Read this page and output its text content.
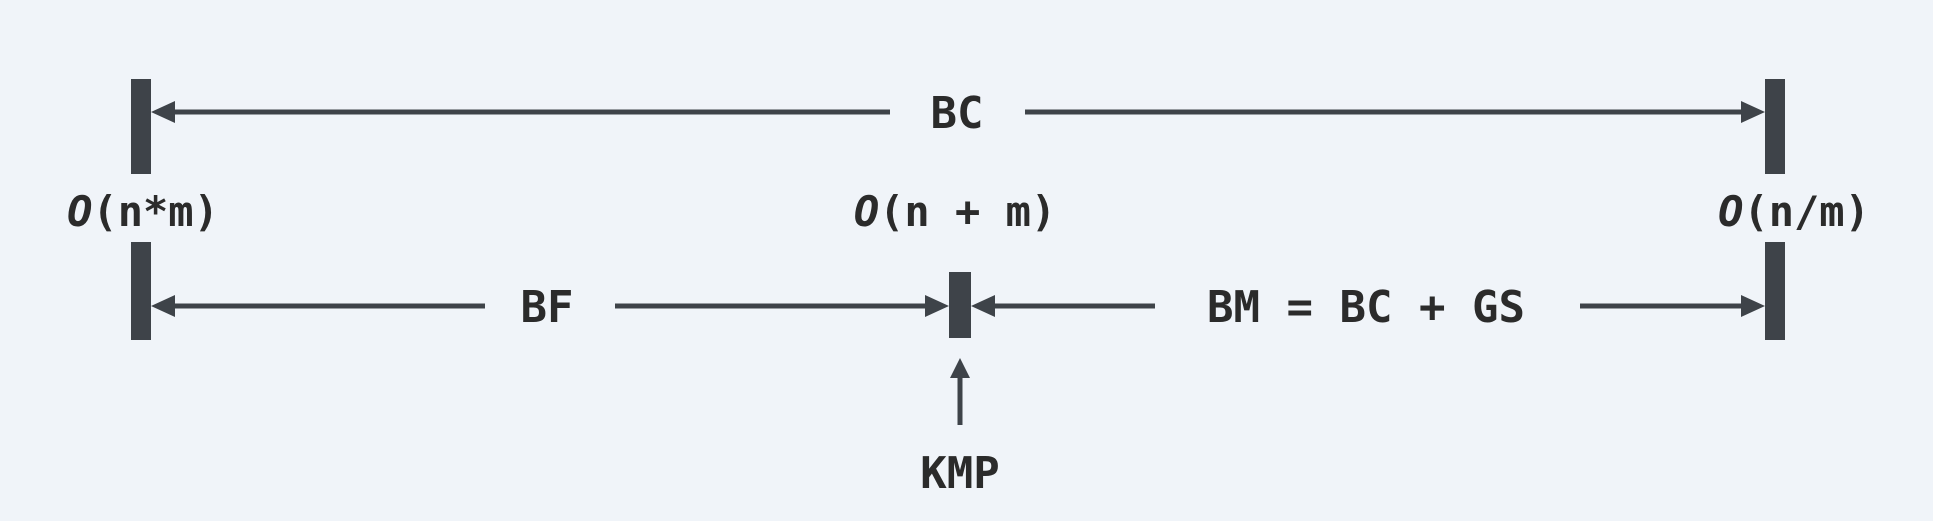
BC
O(n*m)	O(n + m)	O(n/m)
BF	BM = BC + GS
KMP
